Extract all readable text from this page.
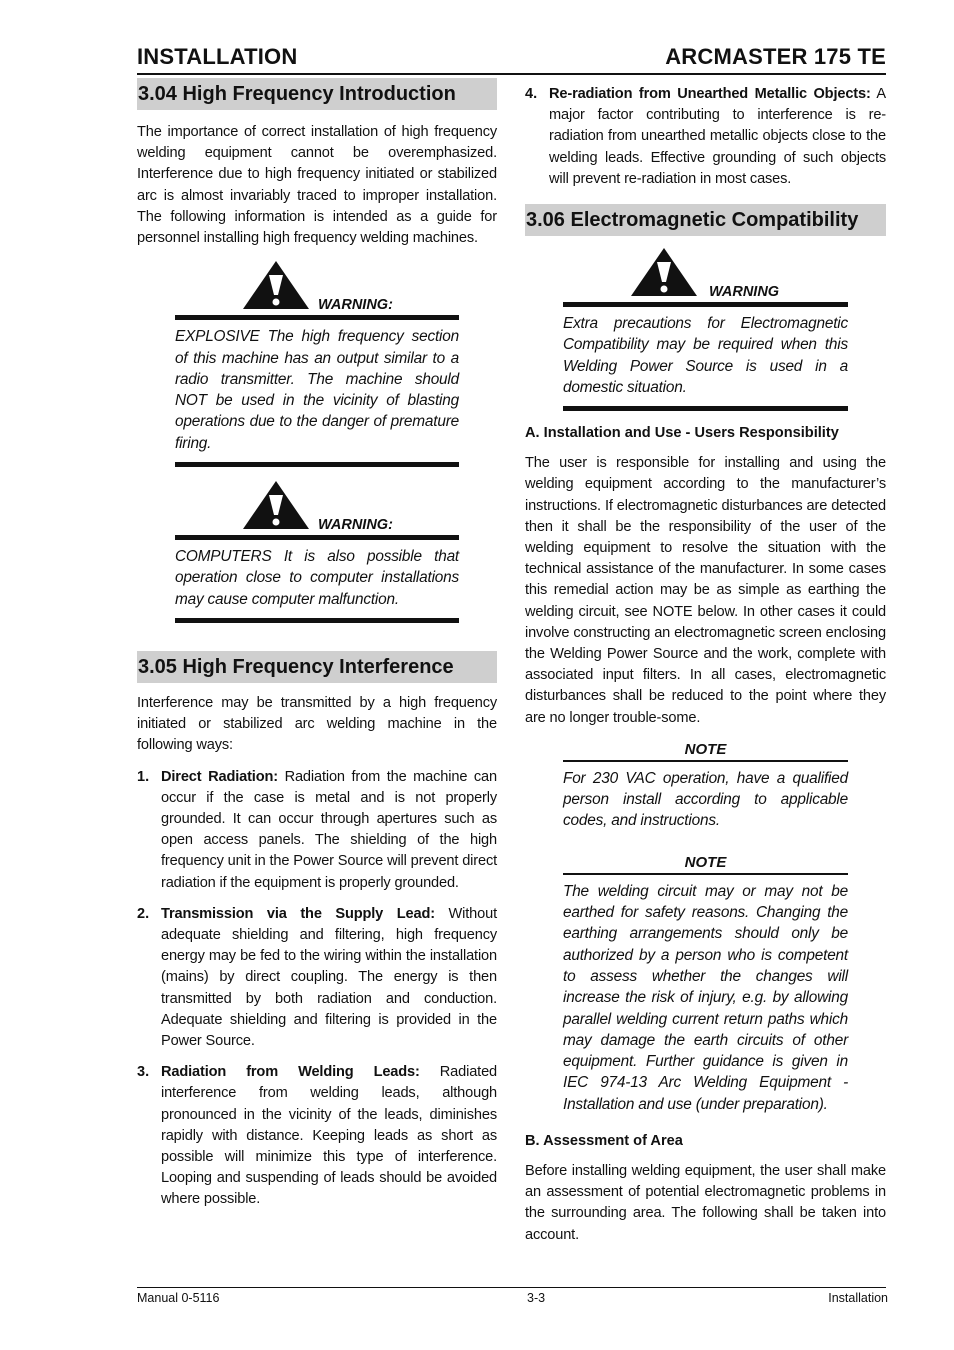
INSTALLATION	ARCMASTER 175 TE
3.04 High Frequency Introduction

The importance of correct installation of high frequency welding equipment cannot be overemphasized. Interference due to high frequency initiated or stabilized arc is almost invariably traced to improper installation. The following information is intended as a guide for personnel installing high frequency welding machines.

WARNING:
EXPLOSIVE The high frequency section of this machine has an output similar to a radio transmitter. The machine should NOT be used in the vicinity of blasting operations due to the danger of premature firing.
WARNING:
COMPUTERS It is also possible that operation close to computer installations may cause computer malfunction.
3.05 High Frequency Interference

Interference may be transmitted by a high frequency initiated or stabilized arc welding machine in the following ways:

1. Direct Radiation: Radiation from the machine can occur if the case is metal and is not properly grounded. It can occur through apertures such as open access panels. The shielding of the high frequency unit in the Power Source will prevent direct radiation if the equipment is properly grounded.

2. Transmission via the Supply Lead: Without adequate shielding and filtering, high frequency energy may be fed to the wiring within the installation (mains) by direct coupling. The energy is then transmitted by both radiation and conduction. Adequate shielding and filtering is provided in the Power Source.

3. Radiation from Welding Leads: Radiated interference from welding leads, although pronounced in the vicinity of the leads, diminishes rapidly with distance. Keeping leads as short as possible will minimize this type of interference. Looping and suspending of leads should be avoided where possible.

4. Re-radiation from Unearthed Metallic Objects: A major factor contributing to interference is re-radiation from unearthed metallic objects close to the welding leads. Effective grounding of such objects will prevent re-radiation in most cases.

3.06 Electromagnetic Compatibility
WARNING
Extra precautions for Electromagnetic Compatibility may be required when this Welding Power Source is used in a domestic situation.
A. Installation and Use - Users Responsibility

The user is responsible for installing and using the welding equipment according to the manufacturer’s instructions. If electromagnetic disturbances are detected then it shall be the responsibility of the user of the welding equipment to resolve the situation with the technical assistance of the manufacturer. In some cases this remedial action may be as simple as earthing the welding circuit, see NOTE below. In other cases it could involve constructing an electromagnetic screen enclosing the Welding Power Source and the work, complete with associated input filters. In all cases, electromagnetic disturbances shall be reduced to the point where they are no longer trouble-some.

NOTE
For 230 VAC operation, have a qualified person install according to applicable codes, and instructions.
NOTE
The welding circuit may or may not be earthed for safety reasons. Changing the earthing arrangements should only be authorized by a person who is competent to assess whether the changes will increase the risk of injury, e.g. by allowing parallel welding current return paths which may damage the earth circuits of other equipment. Further guidance is given in IEC 974-13 Arc Welding Equipment - Installation and use (under preparation).
B. Assessment of Area

Before installing welding equipment, the user shall make an assessment of potential electromagnetic problems in the surrounding area. The following shall be taken into account.

Manual 0-5116	3-3	Installation
